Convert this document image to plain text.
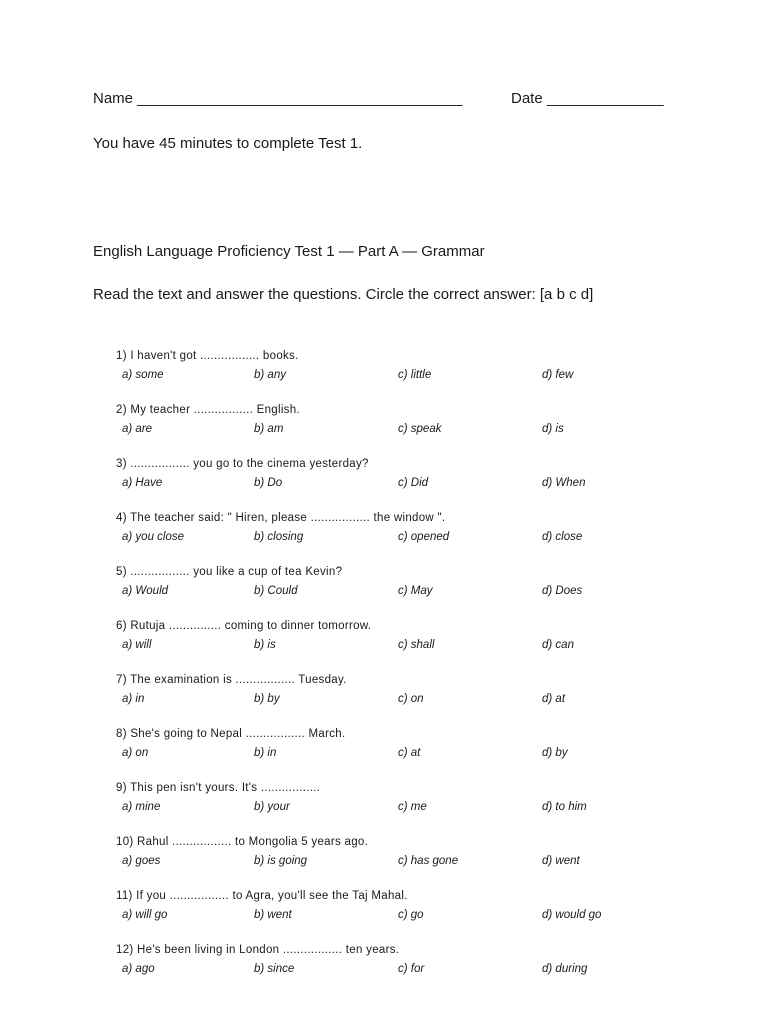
Name _______________________________________	Date ______________
You have 45 minutes to complete Test 1.
English Language Proficiency Test 1 — Part A — Grammar
Read the text and answer the questions. Circle the correct answer: [a b c d]
1) I haven't got ................. books.
a) some	b) any	c) little	d) few
2) My teacher ................. English.
a) are	b) am	c) speak	d) is
3) ................. you go to the cinema yesterday?
a) Have	b) Do	c) Did	d) When
4) The teacher said: " Hiren, please ................. the window ".
a) you close	b) closing	c) opened	d) close
5) ................. you like a cup of tea Kevin?
a) Would	b) Could	c) May	d) Does
6) Rutuja ............... coming to dinner tomorrow.
a) will	b) is	c) shall	d) can
7) The examination is ................. Tuesday.
a) in	b) by	c) on	d) at
8) She's going to Nepal ................. March.
a) on	b) in	c) at	d) by
9) This pen isn't yours. It's .................
a) mine	b) your	c) me	d) to him
10) Rahul ................. to Mongolia 5 years ago.
a) goes	b) is going	c) has gone	d) went
11) If you ................. to Agra, you'll see the Taj Mahal.
a) will go	b) went	c) go	d) would go
12) He's been living in London ................. ten years.
a) ago	b) since	c) for	d) during
